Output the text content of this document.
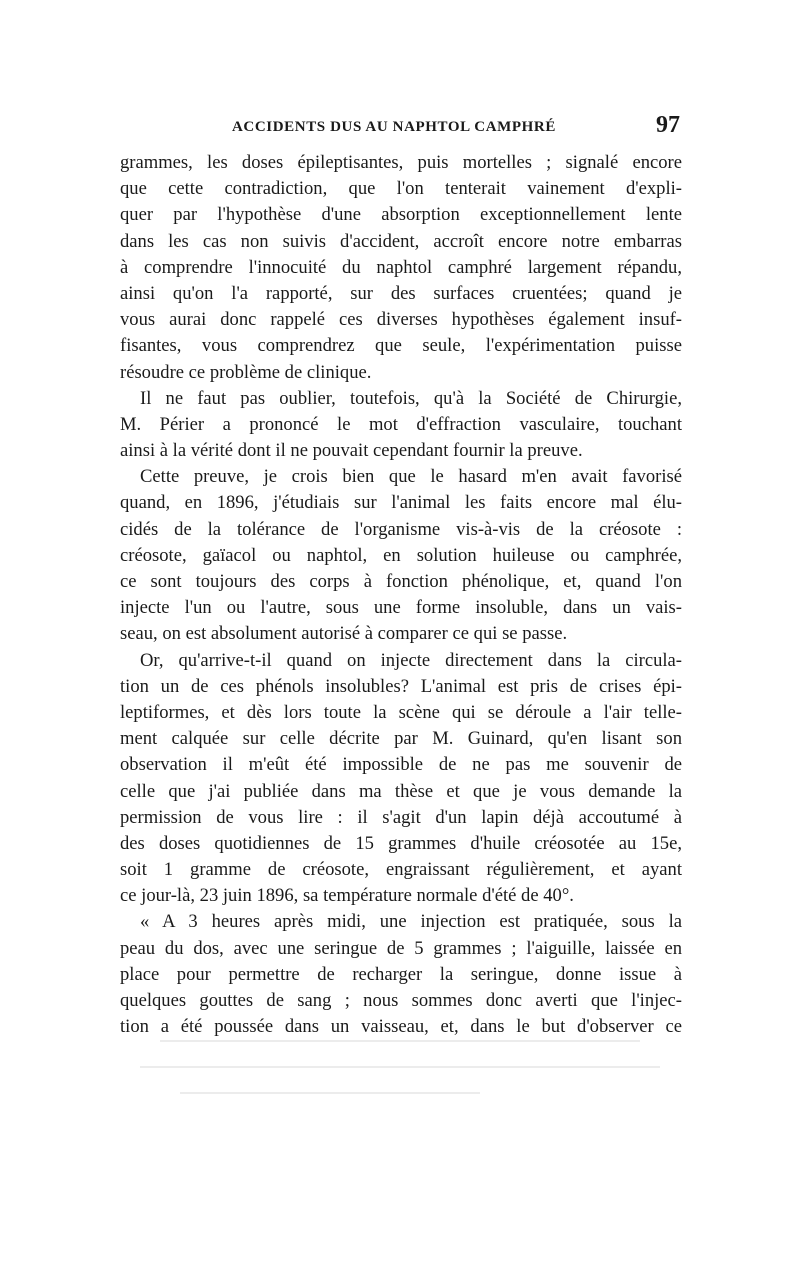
ACCIDENTS DUS AU NAPHTOL CAMPHRÉ	97
grammes, les doses épileptisantes, puis mortelles ; signalé encore
que cette contradiction, que l'on tenterait vainement d'expli-
quer par l'hypothèse d'une absorption exceptionnellement lente
dans les cas non suivis d'accident, accroît encore notre embarras
à comprendre l'innocuité du naphtol camphré largement répandu,
ainsi qu'on l'a rapporté, sur des surfaces cruentées; quand je
vous aurai donc rappelé ces diverses hypothèses également insuf-
fisantes, vous comprendrez que seule, l'expérimentation puisse
résoudre ce problème de clinique.
Il ne faut pas oublier, toutefois, qu'à la Société de Chirurgie,
M. Périer a prononcé le mot d'effraction vasculaire, touchant
ainsi à la vérité dont il ne pouvait cependant fournir la preuve.
Cette preuve, je crois bien que le hasard m'en avait favorisé
quand, en 1896, j'étudiais sur l'animal les faits encore mal élu-
cidés de la tolérance de l'organisme vis-à-vis de la créosote :
créosote, gaïacol ou naphtol, en solution huileuse ou camphrée,
ce sont toujours des corps à fonction phénolique, et, quand l'on
injecte l'un ou l'autre, sous une forme insoluble, dans un vais-
seau, on est absolument autorisé à comparer ce qui se passe.
Or, qu'arrive-t-il quand on injecte directement dans la circula-
tion un de ces phénols insolubles? L'animal est pris de crises épi-
leptiformes, et dès lors toute la scène qui se déroule a l'air telle-
ment calquée sur celle décrite par M. Guinard, qu'en lisant son
observation il m'eût été impossible de ne pas me souvenir de
celle que j'ai publiée dans ma thèse et que je vous demande la
permission de vous lire : il s'agit d'un lapin déjà accoutumé à
des doses quotidiennes de 15 grammes d'huile créosotée au 15e,
soit 1 gramme de créosote, engraissant régulièrement, et ayant
ce jour-là, 23 juin 1896, sa température normale d'été de 40°.
« A 3 heures après midi, une injection est pratiquée, sous la
peau du dos, avec une seringue de 5 grammes ; l'aiguille, laissée en
place pour permettre de recharger la seringue, donne issue à
quelques gouttes de sang ; nous sommes donc averti que l'injec-
tion a été poussée dans un vaisseau, et, dans le but d'observer ce
